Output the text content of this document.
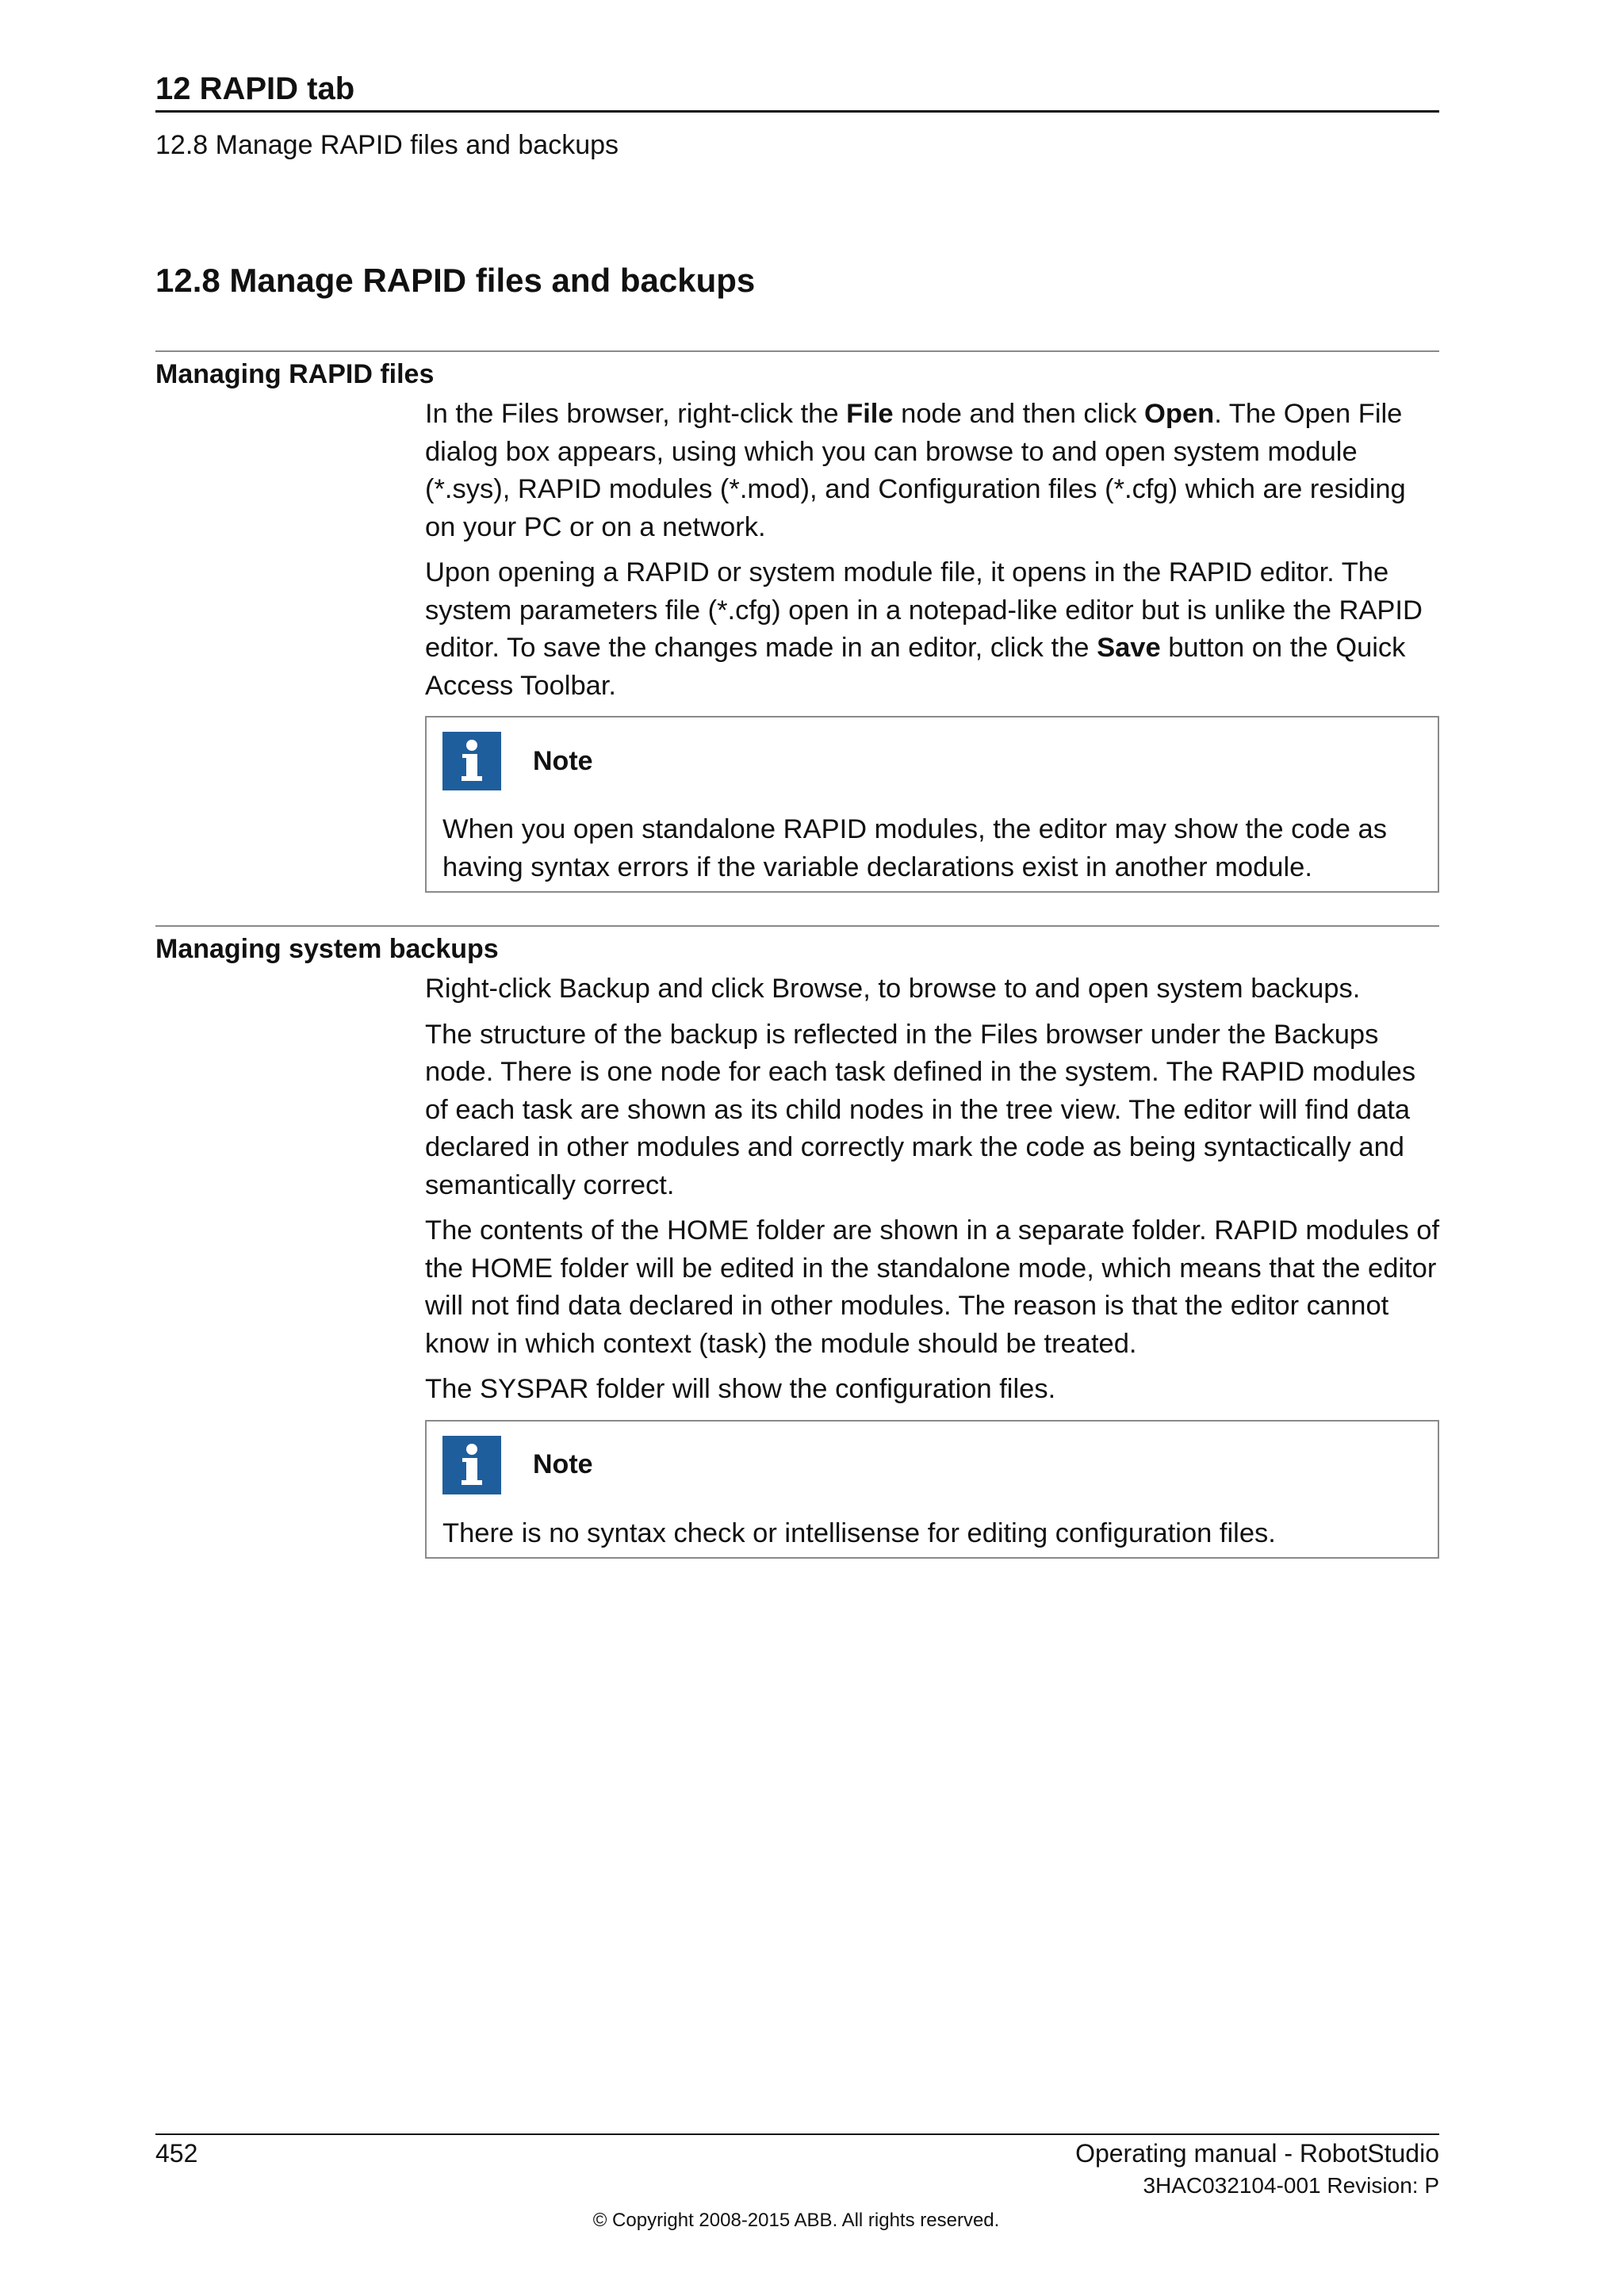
12 RAPID tab
12.8 Manage RAPID files and backups
12.8 Manage RAPID files and backups
Managing RAPID files

In the Files browser, right-click the File node and then click Open. The Open File dialog box appears, using which you can browse to and open system module (*.sys), RAPID modules (*.mod), and Configuration files (*.cfg) which are residing on your PC or on a network.

Upon opening a RAPID or system module file, it opens in the RAPID editor. The system parameters file (*.cfg) open in a notepad-like editor but is unlike the RAPID editor. To save the changes made in an editor, click the Save button on the Quick Access Toolbar.

Note

When you open standalone RAPID modules, the editor may show the code as having syntax errors if the variable declarations exist in another module.

Managing system backups

Right-click Backup and click Browse, to browse to and open system backups.

The structure of the backup is reflected in the Files browser under the Backups node. There is one node for each task defined in the system. The RAPID modules of each task are shown as its child nodes in the tree view. The editor will find data declared in other modules and correctly mark the code as being syntactically and semantically correct.

The contents of the HOME folder are shown in a separate folder. RAPID modules of the HOME folder will be edited in the standalone mode, which means that the editor will not find data declared in other modules. The reason is that the editor cannot know in which context (task) the module should be treated.

The SYSPAR folder will show the configuration files.

Note

There is no syntax check or intellisense for editing configuration files.

452	Operating manual - RobotStudio
3HAC032104-001 Revision: P
© Copyright 2008-2015 ABB. All rights reserved.
